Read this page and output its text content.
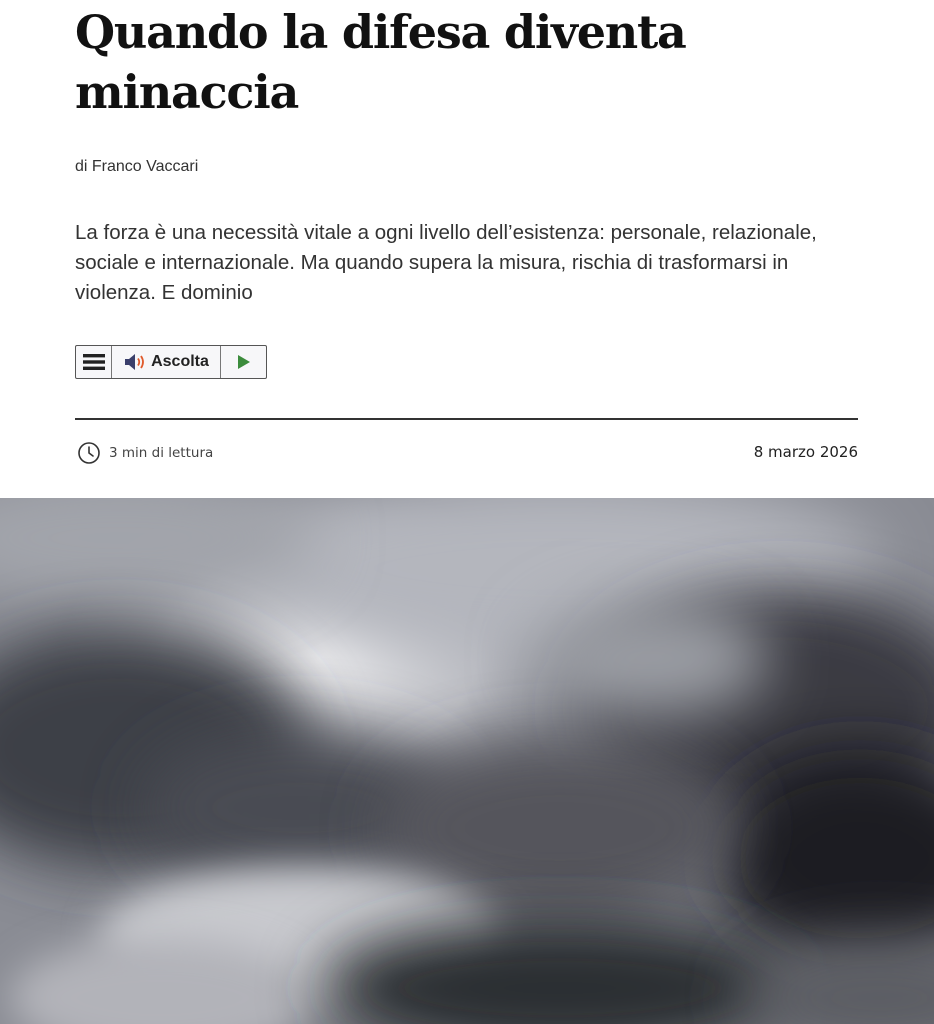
Quando la difesa diventa minaccia
di Franco Vaccari

La forza è una necessità vitale a ogni livello dell’esistenza: personale, relazionale, sociale e internazionale. Ma quando supera la misura, rischia di trasformarsi in violenza. E dominio

Ascolta
3 min di lettura	8 marzo 2026
